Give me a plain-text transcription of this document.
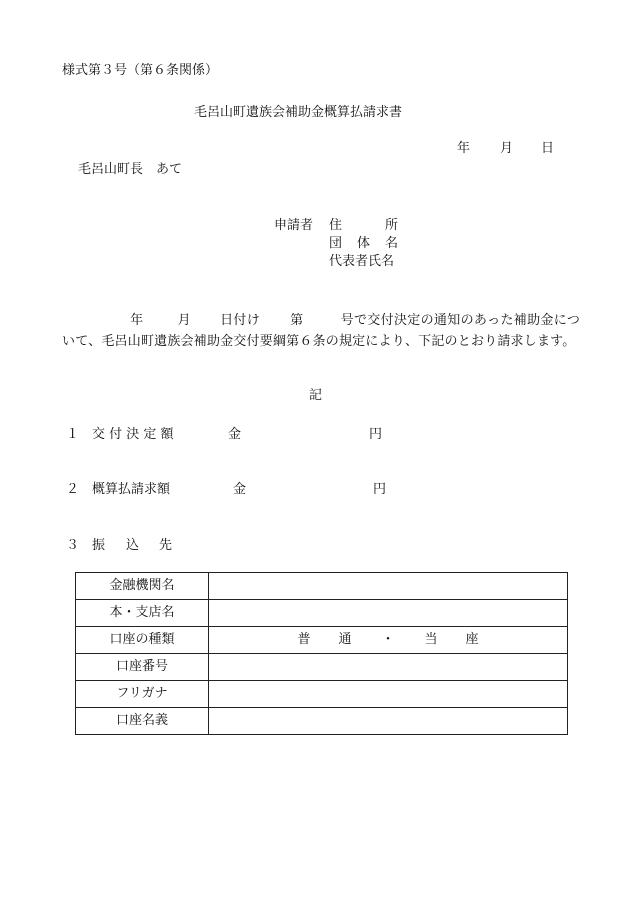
様式第３号（第６条関係）
毛呂山町遺族会補助金概算払請求書
年 月 日
毛呂山町長　あて
申請者 住	所
団 体 名
代表者氏名
年	月 日付け 第	号で交付決定の通知のあった補助金について、毛呂山町遺族会補助金交付要綱第６条の規定により、下記のとおり請求します。
記
１ 交 付 決 定 額	金	円
２ 概算払請求額	金	円
３ 振 込 先
金融機関名	
本・支店名	
口座の種類	普 通 ・ 当 座
口座番号	
フリガナ	
口座名義	
